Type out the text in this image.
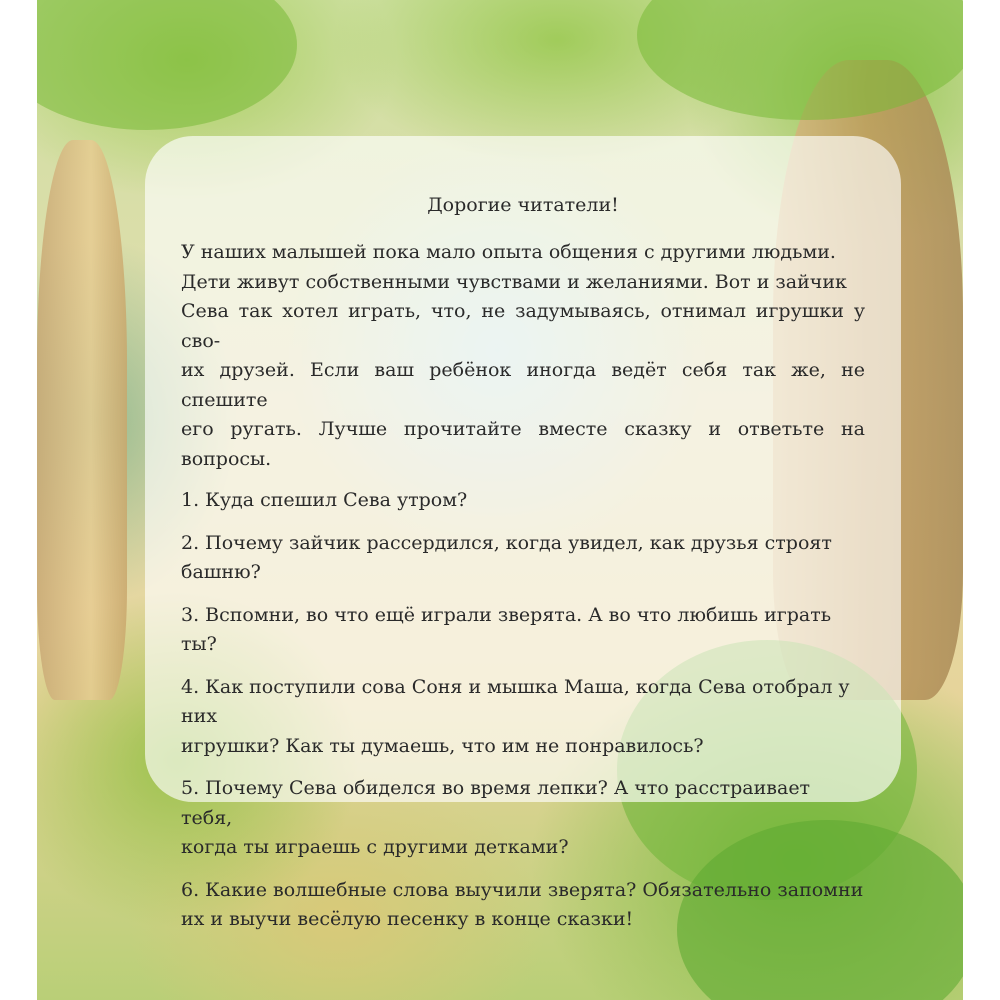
Дорогие читатели!

У наших малышей пока мало опыта общения с другими людьми.
Дети живут собственными чувствами и желаниями. Вот и зайчик
Сева так хотел играть, что, не задумываясь, отнимал игрушки у сво-
их друзей. Если ваш ребёнок иногда ведёт себя так же, не спешите
его ругать. Лучше прочитайте вместе сказку и ответьте на вопросы.
1. Куда спешил Сева утром?
2. Почему зайчик рассердился, когда увидел, как друзья строят башню?
3. Вспомни, во что ещё играли зверята. А во что любишь играть ты?
4. Как поступили сова Соня и мышка Маша, когда Сева отобрал у них
игрушки? Как ты думаешь, что им не понравилось?
5. Почему Сева обиделся во время лепки? А что расстраивает тебя,
когда ты играешь с другими детками?
6. Какие волшебные слова выучили зверята? Обязательно запомни
их и выучи весёлую песенку в конце сказки!
